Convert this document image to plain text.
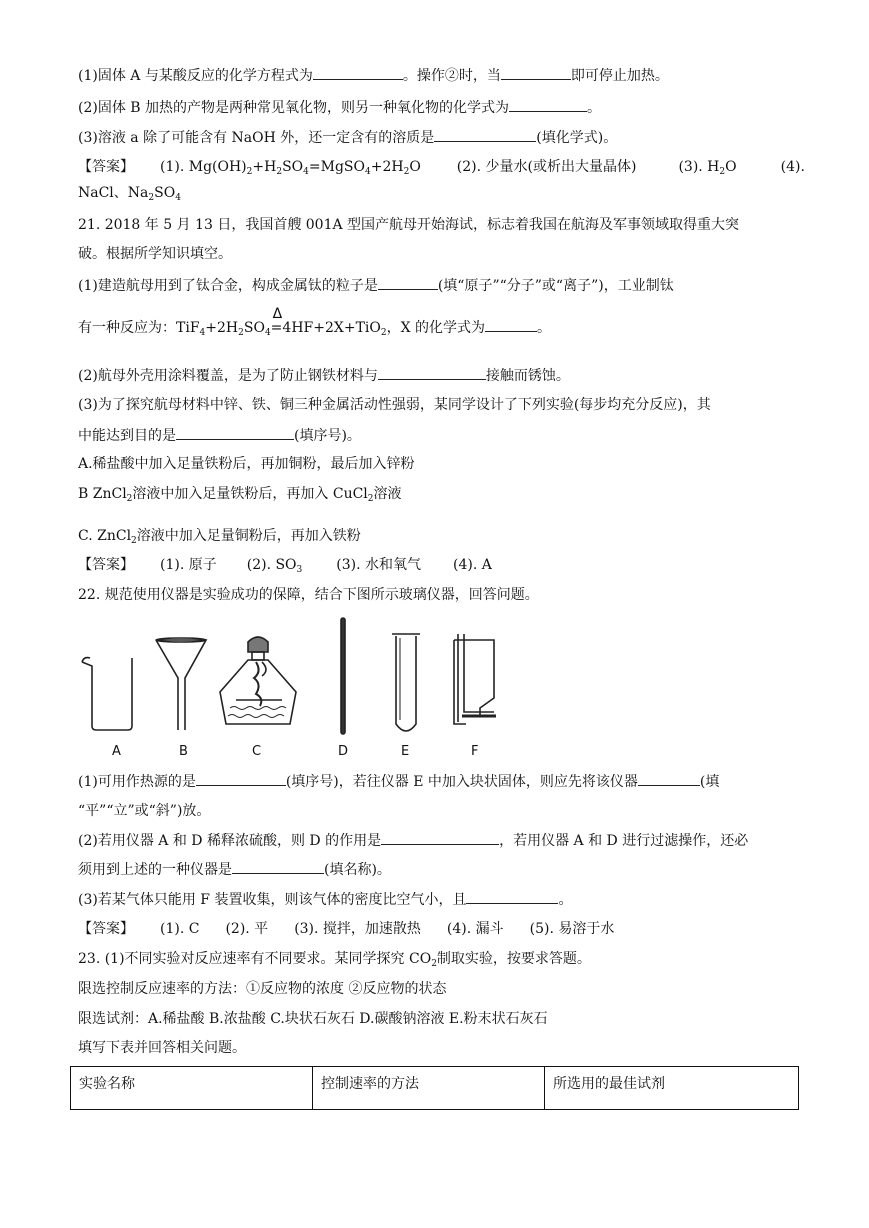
(1)固体 A 与某酸反应的化学方程式为	。操作②时，当	即可停止加热。
(2)固体 B 加热的产物是两种常见氧化物，则另一种氧化物的化学式为	。
(3)溶液 a 除了可能含有 NaOH 外，还一定含有的溶质是	(填化学式)。
【答案】 (1). $Mg(OH)_2+H_2SO_4=MgSO_4+2H_2O$	(2). 少量水(或析出大量晶体)	(3). $H_2O$	(4).
NaCl、$Na_2SO_4$
21. 2018 年 5 月 13 日，我国首艘 001A 型国产航母开始海试，标志着我国在航海及军事领域取得重大突
破。根据所学知识填空。
(1)建造航母用到了钛合金，构成金属钛的粒子是	(填“原子”“分子”或“离子”)，工业制钛
有一种反应为：$TiF_4+2H_2SO_4$
Δ
=4HF+2X+TiO$_2$，X 的化学式为	。
(2)航母外壳用涂料覆盖，是为了防止钢铁材料与	接触而锈蚀。
(3)为了探究航母材料中锌、铁、铜三种金属活动性强弱，某同学设计了下列实验(每步均充分反应)，其
中能达到目的是	(填序号)。
A.稀盐酸中加入足量铁粉后，再加铜粉，最后加入锌粉
B ZnCl$_2$溶液中加入足量铁粉后，再加入 CuCl$_2$溶液
C. ZnCl$_2$溶液中加入足量铜粉后，再加入铁粉
【答案】 (1). 原子 (2). $SO_3$ (3). 水和氧气 (4). A
22. 规范使用仪器是实验成功的保障，结合下图所示玻璃仪器，回答问题。
A	B	C	D	E	F
(1)可用作热源的是	(填序号)，若往仪器 E 中加入块状固体，则应先将该仪器	(填
“平”“立”或“斜”)放。
(2)若用仪器 A 和 D 稀释浓硫酸，则 D 的作用是	，若用仪器 A 和 D 进行过滤操作，还必
须用到上述的一种仪器是	(填名称)。
(3)若某气体只能用 F 装置收集，则该气体的密度比空气小，且	。
【答案】 (1). C (2). 平 (3). 搅拌，加速散热 (4). 漏斗 (5). 易溶于水
23. (1)不同实验对反应速率有不同要求。某同学探究 $CO_2$制取实验，按要求答题。
限选控制反应速率的方法：①反应物的浓度 ②反应物的状态
限选试剂：A.稀盐酸 B.浓盐酸 C.块状石灰石 D.碳酸钠溶液 E.粉末状石灰石
填写下表并回答相关问题。
实验名称	控制速率的方法	所选用的最佳试剂
